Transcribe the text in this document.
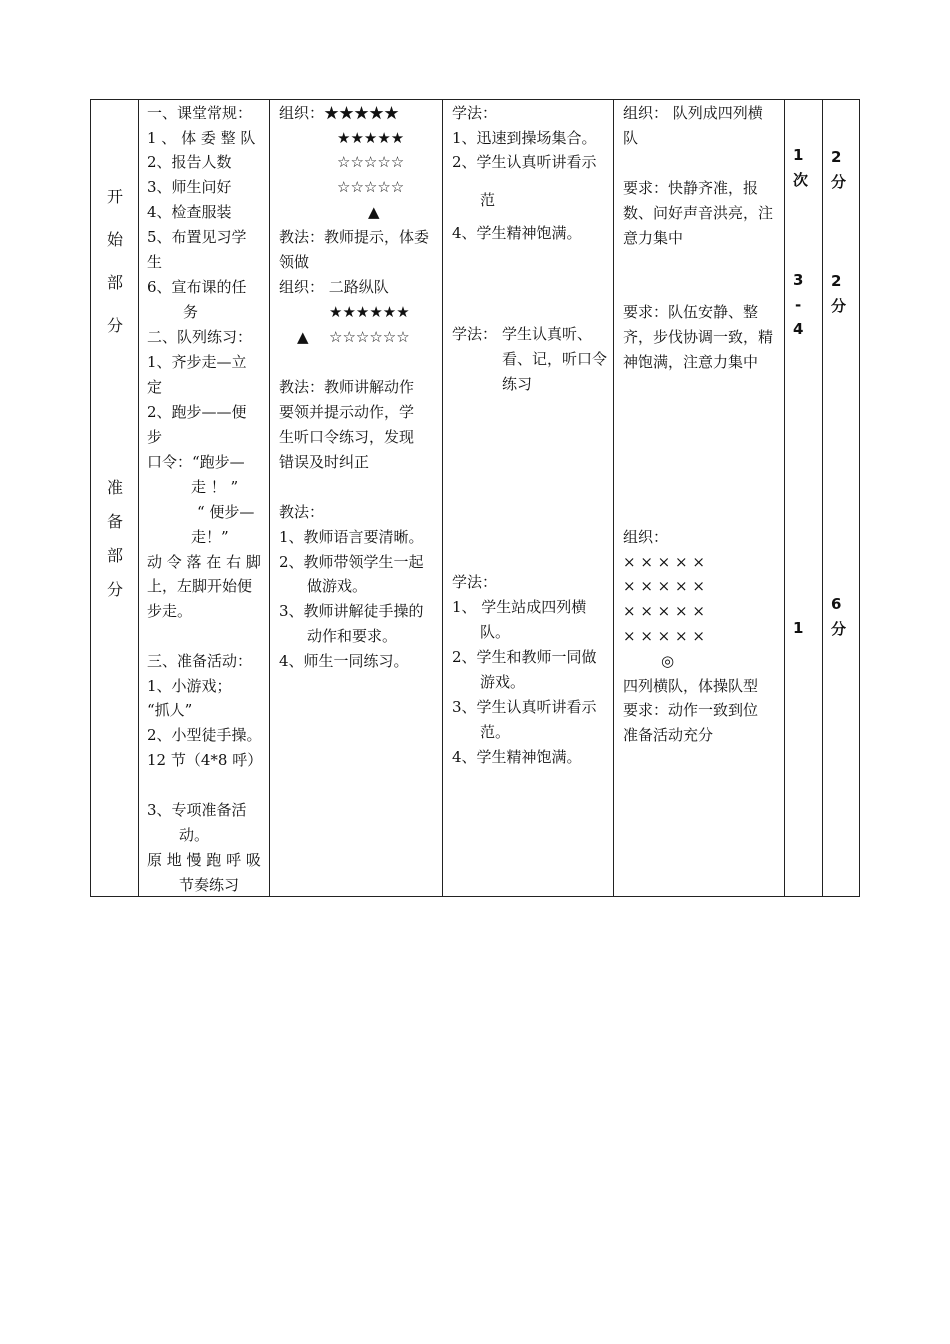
开
始
部
分
准
备
部
分
一、课堂常规：
1 、 体 委 整 队
2、报告人数
3、师生问好
4、检查服装
5、布置见习学
生
6、宣布课的任
务
二、队列练习：
1、齐步走—立
定
2、跑步——便
步
口令：“跑步—
走 ！ ”
“ 便步—
走！”
动 令 落 在 右 脚
上，左脚开始便
步走。
三、准备活动：
1、小游戏；
“抓人”
2、小型徒手操。
12 节（4*8 呼）
3、专项准备活
动。
原 地 慢 跑 呼 吸
节奏练习
组织：★★★★★
★★★★★
☆☆☆☆☆
☆☆☆☆☆
▲
教法：教师提示，体委
领做
组织： 二路纵队
★★★★★★
▲ ☆☆☆☆☆☆
教法：教师讲解动作
要领并提示动作，学
生听口令练习，发现
错误及时纠正
教法：
1、教师语言要清晰。
2、教师带领学生一起
做游戏。
3、教师讲解徒手操的
动作和要求。
4、师生一同练习。
学法：
1、迅速到操场集合。
2、学生认真听讲看示
范
4、学生精神饱满。
学法： 学生认真听、
看、记，听口令
练习
学法：
1、 学生站成四列横
队。
2、学生和教师一同做
游戏。
3、学生认真听讲看示
范。
4、学生精神饱满。
组织： 队列成四列横
队
要求：快静齐准，报
数、问好声音洪亮，注
意力集中
要求：队伍安静、整
齐，步伐协调一致，精
神饱满，注意力集中
组织：
× × × × ×
× × × × ×
× × × × ×
× × × × ×
◎
四列横队，体操队型
要求：动作一致到位
准备活动充分
1
次
3
-
4
1
2
分
2
分
6
分
